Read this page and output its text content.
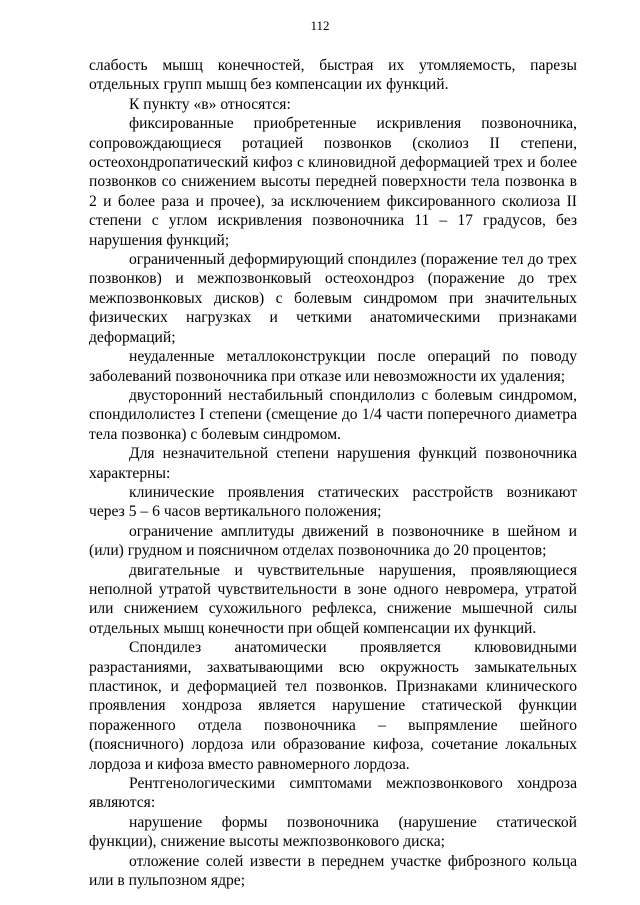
112

слабость мышц конечностей, быстрая их утомляемость, парезы отдельных групп мышц без компенсации их функций.

К пункту «в» относятся:

фиксированные приобретенные искривления позвоночника, сопровождающиеся ротацией позвонков (сколиоз II степени, остеохондропатический кифоз с клиновидной деформацией трех и более позвонков со снижением высоты передней поверхности тела позвонка в 2 и более раза и прочее), за исключением фиксированного сколиоза II степени с углом искривления позвоночника 11 – 17 градусов, без нарушения функций;

ограниченный деформирующий спондилез (поражение тел до трех позвонков) и межпозвонковый остеохондроз (поражение до трех межпозвонковых дисков) с болевым синдромом при значительных физических нагрузках и четкими анатомическими признаками деформаций;

неудаленные металлоконструкции после операций по поводу заболеваний позвоночника при отказе или невозможности их удаления;

двусторонний нестабильный спондилолиз с болевым синдромом, спондилолистез I степени (смещение до 1/4 части поперечного диаметра тела позвонка) с болевым синдромом.

Для незначительной степени нарушения функций позвоночника характерны:

клинические проявления статических расстройств возникают через 5 – 6 часов вертикального положения;

ограничение амплитуды движений в позвоночнике в шейном и (или) грудном и поясничном отделах позвоночника до 20 процентов;

двигательные и чувствительные нарушения, проявляющиеся неполной утратой чувствительности в зоне одного невромера, утратой или снижением сухожильного рефлекса, снижение мышечной силы отдельных мышц конечности при общей компенсации их функций.

Спондилез анатомически проявляется клювовидными разрастаниями, захватывающими всю окружность замыкательных пластинок, и деформацией тел позвонков. Признаками клинического проявления хондроза является нарушение статической функции пораженного отдела позвоночника – выпрямление шейного (поясничного) лордоза или образование кифоза, сочетание локальных лордоза и кифоза вместо равномерного лордоза.

Рентгенологическими симптомами межпозвонкового хондроза являются:

нарушение формы позвоночника (нарушение статической функции), снижение высоты межпозвонкового диска;

отложение солей извести в переднем участке фиброзного кольца или в пульпозном ядре;
